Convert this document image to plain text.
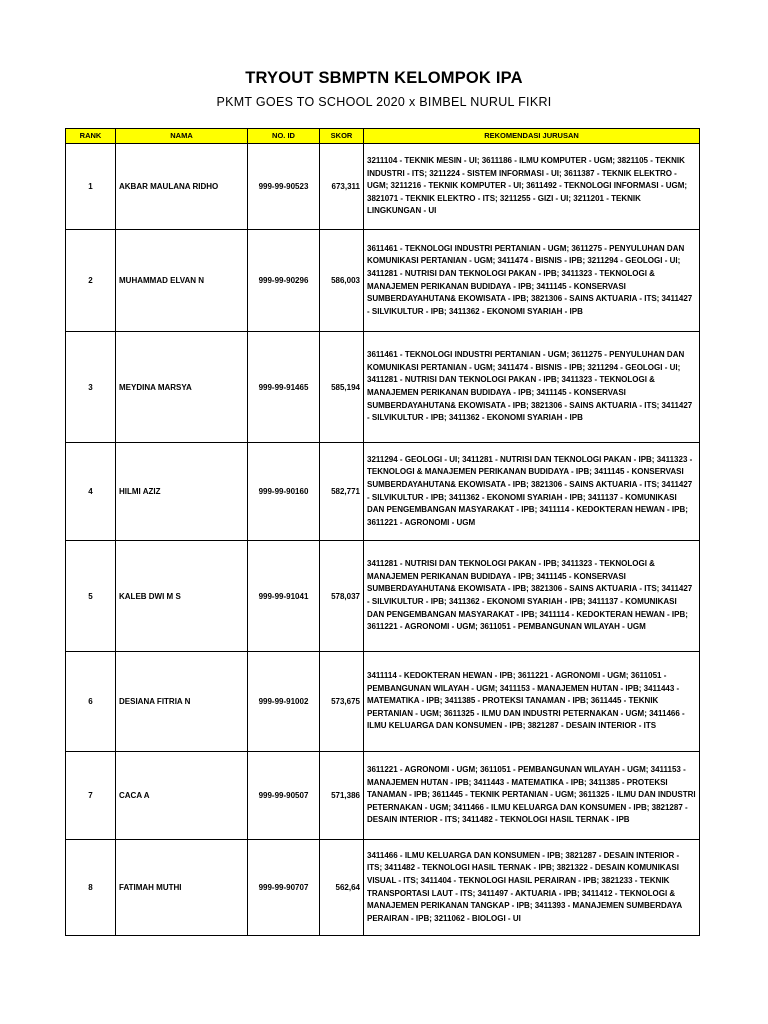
TRYOUT SBMPTN KELOMPOK IPA
PKMT GOES TO SCHOOL 2020 x BIMBEL NURUL FIKRI
RANK	NAMA	NO. ID	SKOR	REKOMENDASI JURUSAN
1	AKBAR MAULANA RIDHO	999-99-90523	673,311	3211104 - TEKNIK MESIN - UI; 3611186 - ILMU KOMPUTER - UGM; 3821105 - TEKNIK INDUSTRI - ITS; 3211224 - SISTEM INFORMASI - UI; 3611387 - TEKNIK ELEKTRO - UGM; 3211216 - TEKNIK KOMPUTER - UI; 3611492 - TEKNOLOGI INFORMASI - UGM; 3821071 - TEKNIK ELEKTRO - ITS; 3211255 - GIZI - UI; 3211201 - TEKNIK LINGKUNGAN - UI
2	MUHAMMAD ELVAN N	999-99-90296	586,003	3611461 - TEKNOLOGI INDUSTRI PERTANIAN - UGM; 3611275 - PENYULUHAN DAN KOMUNIKASI PERTANIAN - UGM; 3411474 - BISNIS - IPB; 3211294 - GEOLOGI - UI; 3411281 - NUTRISI DAN TEKNOLOGI PAKAN - IPB; 3411323 - TEKNOLOGI & MANAJEMEN PERIKANAN BUDIDAYA - IPB; 3411145 - KONSERVASI SUMBERDAYAHUTAN& EKOWISATA - IPB; 3821306 - SAINS AKTUARIA - ITS; 3411427 - SILVIKULTUR - IPB; 3411362 - EKONOMI SYARIAH - IPB
3	MEYDINA MARSYA	999-99-91465	585,194	3611461 - TEKNOLOGI INDUSTRI PERTANIAN - UGM; 3611275 - PENYULUHAN DAN KOMUNIKASI PERTANIAN - UGM; 3411474 - BISNIS - IPB; 3211294 - GEOLOGI - UI; 3411281 - NUTRISI DAN TEKNOLOGI PAKAN - IPB; 3411323 - TEKNOLOGI & MANAJEMEN PERIKANAN BUDIDAYA - IPB; 3411145 - KONSERVASI SUMBERDAYAHUTAN& EKOWISATA - IPB; 3821306 - SAINS AKTUARIA - ITS; 3411427 - SILVIKULTUR - IPB; 3411362 - EKONOMI SYARIAH - IPB
4	HILMI AZIZ	999-99-90160	582,771	3211294 - GEOLOGI - UI; 3411281 - NUTRISI DAN TEKNOLOGI PAKAN - IPB; 3411323 - TEKNOLOGI & MANAJEMEN PERIKANAN BUDIDAYA - IPB; 3411145 - KONSERVASI SUMBERDAYAHUTAN& EKOWISATA - IPB; 3821306 - SAINS AKTUARIA - ITS; 3411427 - SILVIKULTUR - IPB; 3411362 - EKONOMI SYARIAH - IPB; 3411137 - KOMUNIKASI DAN PENGEMBANGAN MASYARAKAT - IPB; 3411114 - KEDOKTERAN HEWAN - IPB; 3611221 - AGRONOMI - UGM
5	KALEB DWI M S	999-99-91041	578,037	3411281 - NUTRISI DAN TEKNOLOGI PAKAN - IPB; 3411323 - TEKNOLOGI & MANAJEMEN PERIKANAN BUDIDAYA - IPB; 3411145 - KONSERVASI SUMBERDAYAHUTAN& EKOWISATA - IPB; 3821306 - SAINS AKTUARIA - ITS; 3411427 - SILVIKULTUR - IPB; 3411362 - EKONOMI SYARIAH - IPB; 3411137 - KOMUNIKASI DAN PENGEMBANGAN MASYARAKAT - IPB; 3411114 - KEDOKTERAN HEWAN - IPB; 3611221 - AGRONOMI - UGM; 3611051 - PEMBANGUNAN WILAYAH - UGM
6	DESIANA FITRIA N	999-99-91002	573,675	3411114 - KEDOKTERAN HEWAN - IPB; 3611221 - AGRONOMI - UGM; 3611051 - PEMBANGUNAN WILAYAH - UGM; 3411153 - MANAJEMEN HUTAN - IPB; 3411443 - MATEMATIKA - IPB; 3411385 - PROTEKSI TANAMAN - IPB; 3611445 - TEKNIK PERTANIAN - UGM; 3611325 - ILMU DAN INDUSTRI PETERNAKAN - UGM; 3411466 - ILMU KELUARGA DAN KONSUMEN - IPB; 3821287 - DESAIN INTERIOR - ITS
7	CACA A	999-99-90507	571,386	3611221 - AGRONOMI - UGM; 3611051 - PEMBANGUNAN WILAYAH - UGM; 3411153 - MANAJEMEN HUTAN - IPB; 3411443 - MATEMATIKA - IPB; 3411385 - PROTEKSI TANAMAN - IPB; 3611445 - TEKNIK PERTANIAN - UGM; 3611325 - ILMU DAN INDUSTRI PETERNAKAN - UGM; 3411466 - ILMU KELUARGA DAN KONSUMEN - IPB; 3821287 - DESAIN INTERIOR - ITS; 3411482 - TEKNOLOGI HASIL TERNAK - IPB
8	FATIMAH MUTHI	999-99-90707	562,64	3411466 - ILMU KELUARGA DAN KONSUMEN - IPB; 3821287 - DESAIN INTERIOR - ITS; 3411482 - TEKNOLOGI HASIL TERNAK - IPB; 3821322 - DESAIN KOMUNIKASI VISUAL - ITS; 3411404 - TEKNOLOGI HASIL PERAIRAN - IPB; 3821233 - TEKNIK TRANSPORTASI LAUT - ITS; 3411497 - AKTUARIA - IPB; 3411412 - TEKNOLOGI & MANAJEMEN PERIKANAN TANGKAP - IPB; 3411393 - MANAJEMEN SUMBERDAYA PERAIRAN - IPB; 3211062 - BIOLOGI - UI
